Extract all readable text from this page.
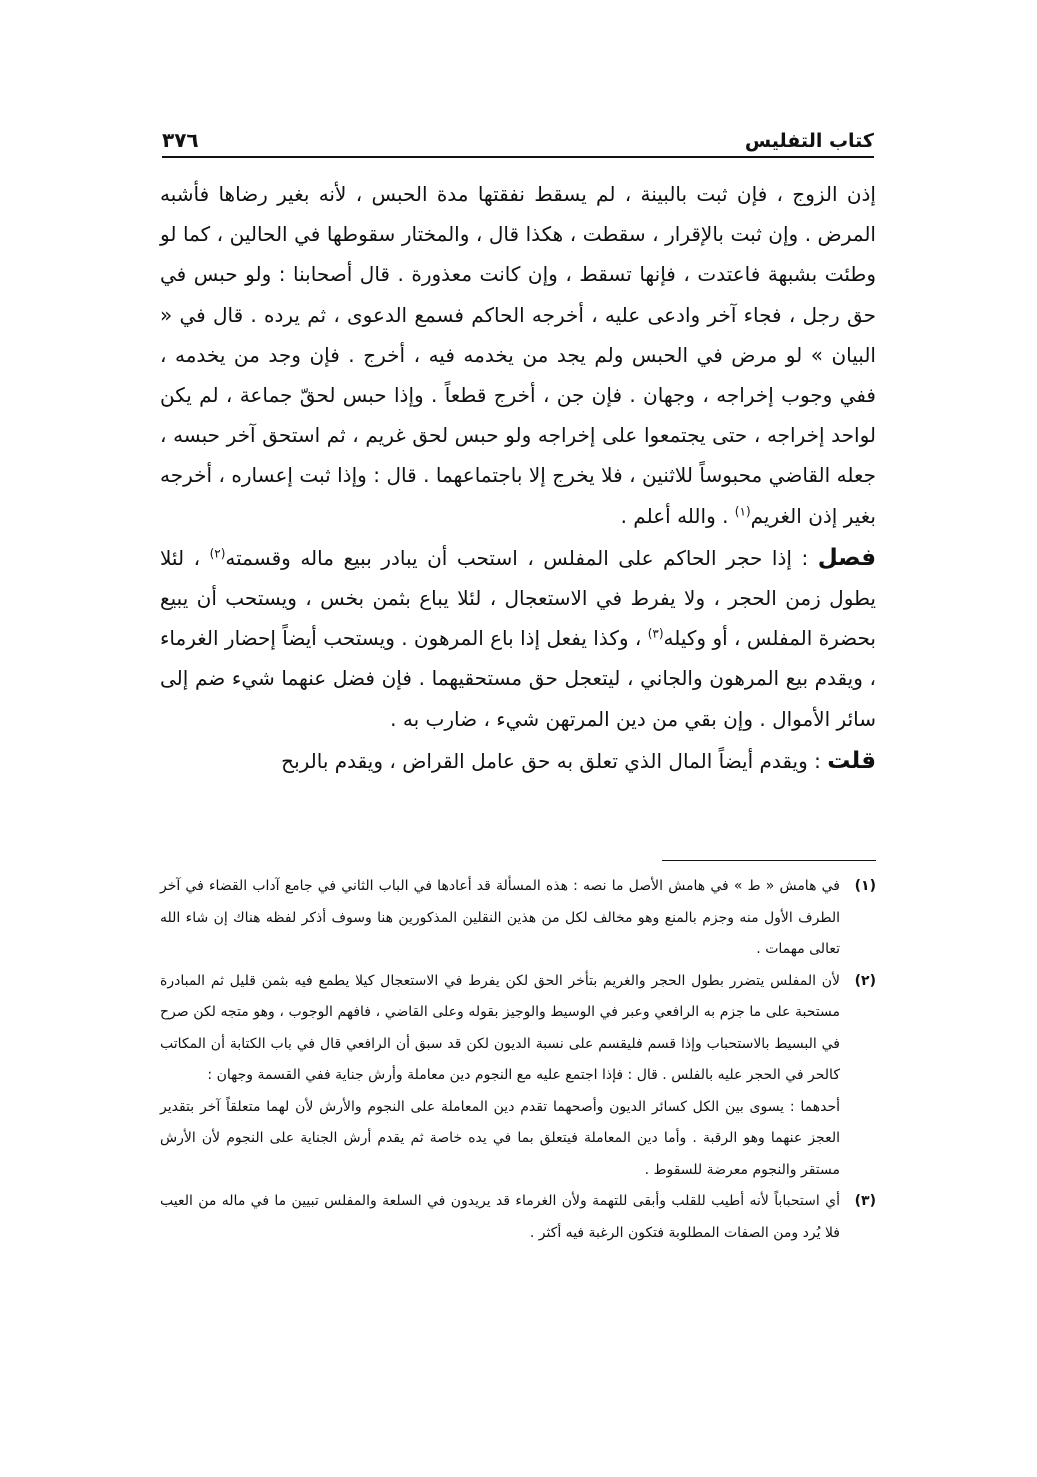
كتاب التفليس
٣٧٦

إذن الزوج ، فإن ثبت بالبينة ، لم يسقط نفقتها مدة الحبس ، لأنه بغير رضاها فأشبه المرض . وإن ثبت بالإقرار ، سقطت ، هكذا قال ، والمختار سقوطها في الحالين ، كما لو وطئت بشبهة فاعتدت ، فإنها تسقط ، وإن كانت معذورة . قال أصحابنا : ولو حبس في حق رجل ، فجاء آخر وادعى عليه ، أخرجه الحاكم فسمع الدعوى ، ثم يرده . قال في « البيان » لو مرض في الحبس ولم يجد من يخدمه فيه ، أخرج . فإن وجد من يخدمه ، ففي وجوب إخراجه ، وجهان . فإن جن ، أخرج قطعاً . وإذا حبس لحقّ جماعة ، لم يكن لواحد إخراجه ، حتى يجتمعوا على إخراجه ولو حبس لحق غريم ، ثم استحق آخر حبسه ، جعله القاضي محبوساً للاثنين ، فلا يخرج إلا باجتماعهما . قال : وإذا ثبت إعساره ، أخرجه بغير إذن الغريم$^{(١)}$ . والله أعلم .

فصل : إذا حجر الحاكم على المفلس ، استحب أن يبادر ببيع ماله وقسمته$^{(٢)}$ ، لئلا يطول زمن الحجر ، ولا يفرط في الاستعجال ، لئلا يباع بثمن بخس ، ويستحب أن يبيع بحضرة المفلس ، أو وكيله$^{(٣)}$ ، وكذا يفعل إذا باع المرهون . ويستحب أيضاً إحضار الغرماء ، ويقدم بيع المرهون والجاني ، ليتعجل حق مستحقيهما . فإن فضل عنهما شيء ضم إلى سائر الأموال . وإن بقي من دين المرتهن شيء ، ضارب به .

قلت : ويقدم أيضاً المال الذي تعلق به حق عامل القراض ، ويقدم بالربح

(١)

في هامش « ط » في هامش الأصل ما نصه : هذه المسألة قد أعادها في الباب الثاني في جامع آداب القضاء في آخر الطرف الأول منه وجزم بالمنع وهو مخالف لكل من هذين النقلين المذكورين هنا وسوف أذكر لفظه هناك إن شاء الله تعالى مهمات .

(٢)

لأن المفلس يتضرر بطول الحجر والغريم بتأخر الحق لكن يفرط في الاستعجال كيلا يطمع فيه بثمن قليل ثم المبادرة مستحبة على ما جزم به الرافعي وعبر في الوسيط والوجيز بقوله وعلى القاضي ، فافهم الوجوب ، وهو متجه لكن صرح في البسيط بالاستحباب وإذا قسم فليقسم على نسبة الديون لكن قد سبق أن الرافعي قال في باب الكتابة أن المكاتب كالحر في الحجر عليه بالفلس . قال : فإذا اجتمع عليه مع النجوم دين معاملة وأرش جناية ففي القسمة وجهان :

أحدهما : يسوى بين الكل كسائر الديون وأصحهما تقدم دين المعاملة على النجوم والأرش لأن لهما متعلقاً آخر بتقدير العجز عنهما وهو الرقبة . وأما دين المعاملة فيتعلق بما في يده خاصة ثم يقدم أرش الجناية على النجوم لأن الأرش مستقر والنجوم معرضة للسقوط .

(٣)

أي استحباباً لأنه أطيب للقلب وأبقى للتهمة ولأن الغرماء قد يريدون في السلعة والمفلس تبيين ما في ماله من العيب فلا يُرد ومن الصفات المطلوبة فتكون الرغبة فيه أكثر .
